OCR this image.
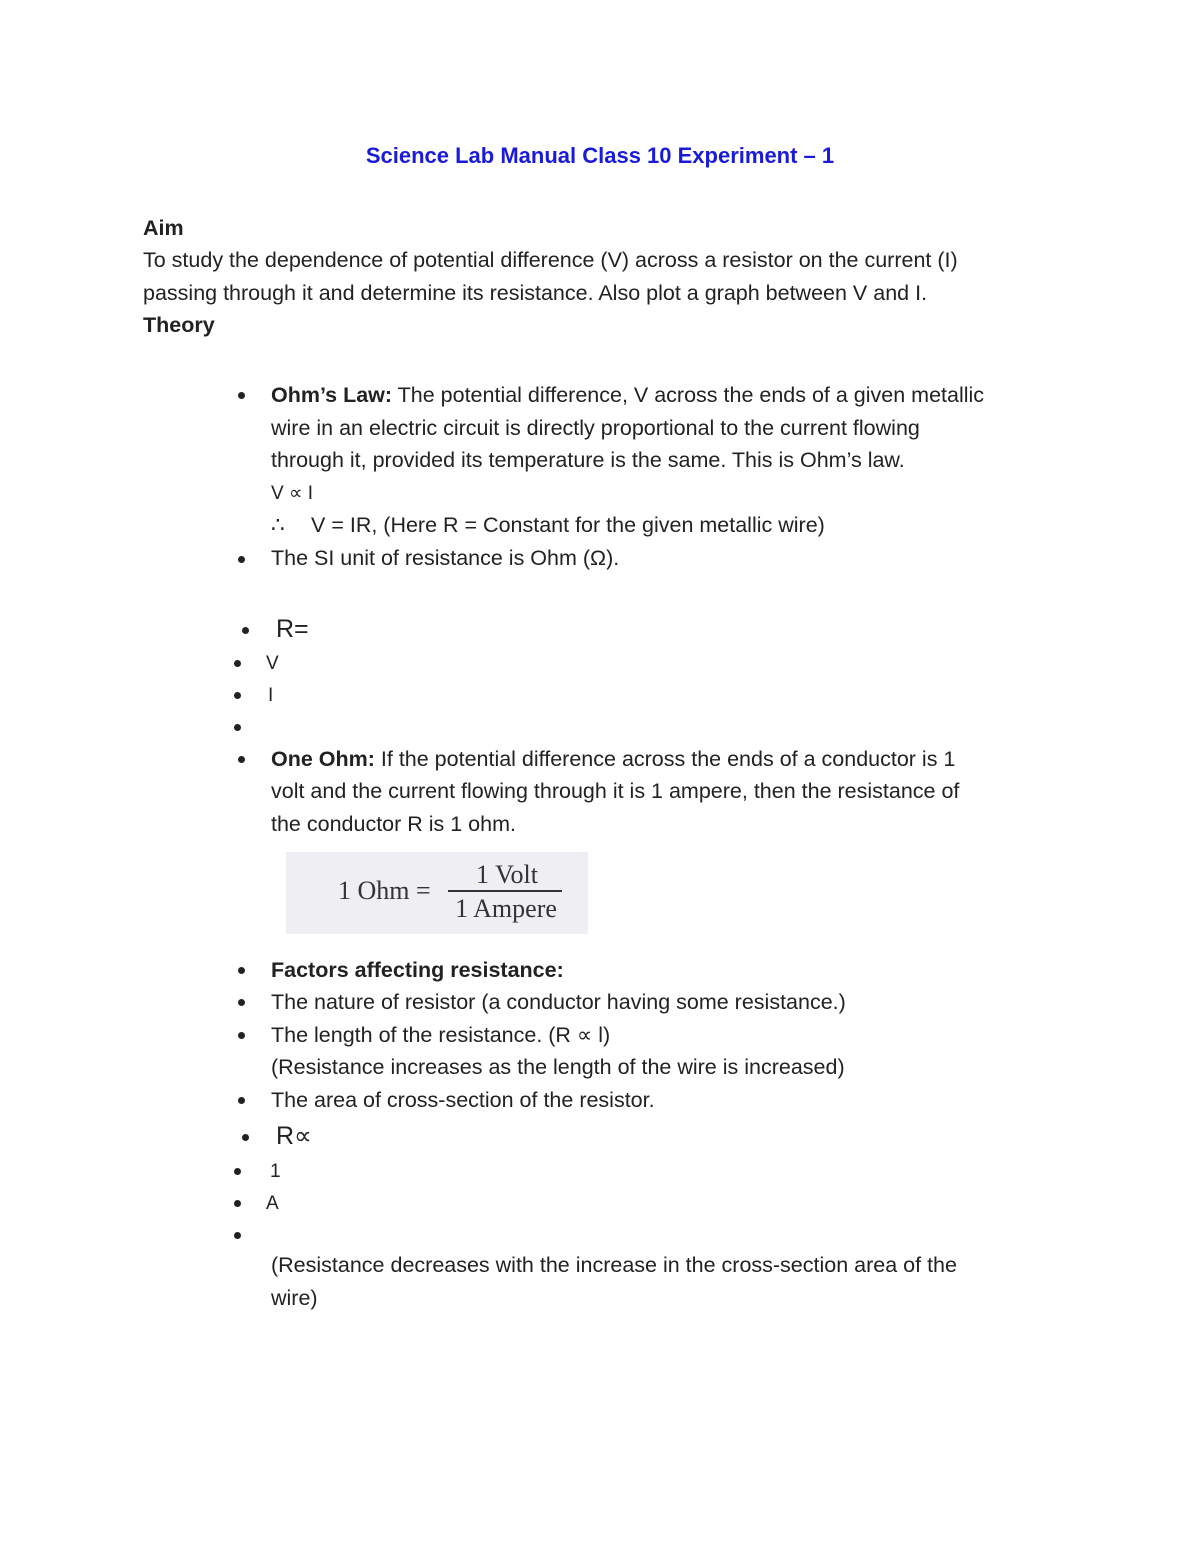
Science Lab Manual Class 10 Experiment – 1
Aim
To study the dependence of potential difference (V) across a resistor on the current (I)
passing through it and determine its resistance. Also plot a graph between V and I.
Theory
Ohm’s Law: The potential difference, V across the ends of a given metallic
wire in an electric circuit is directly proportional to the current flowing
through it, provided its temperature is the same. This is Ohm’s law.
V ∝ I
∴ V = IR, (Here R = Constant for the given metallic wire)
The SI unit of resistance is Ohm (Ω).
R=
V
I
One Ohm: If the potential difference across the ends of a conductor is 1
volt and the current flowing through it is 1 ampere, then the resistance of
the conductor R is 1 ohm.
1 Ohm =
1 Volt
1 Ampere
Factors affecting resistance:
The nature of resistor (a conductor having some resistance.)
The length of the resistance. (R ∝ l)
(Resistance increases as the length of the wire is increased)
The area of cross-section of the resistor.
R∝
1
A
(Resistance decreases with the increase in the cross-section area of the
wire)
